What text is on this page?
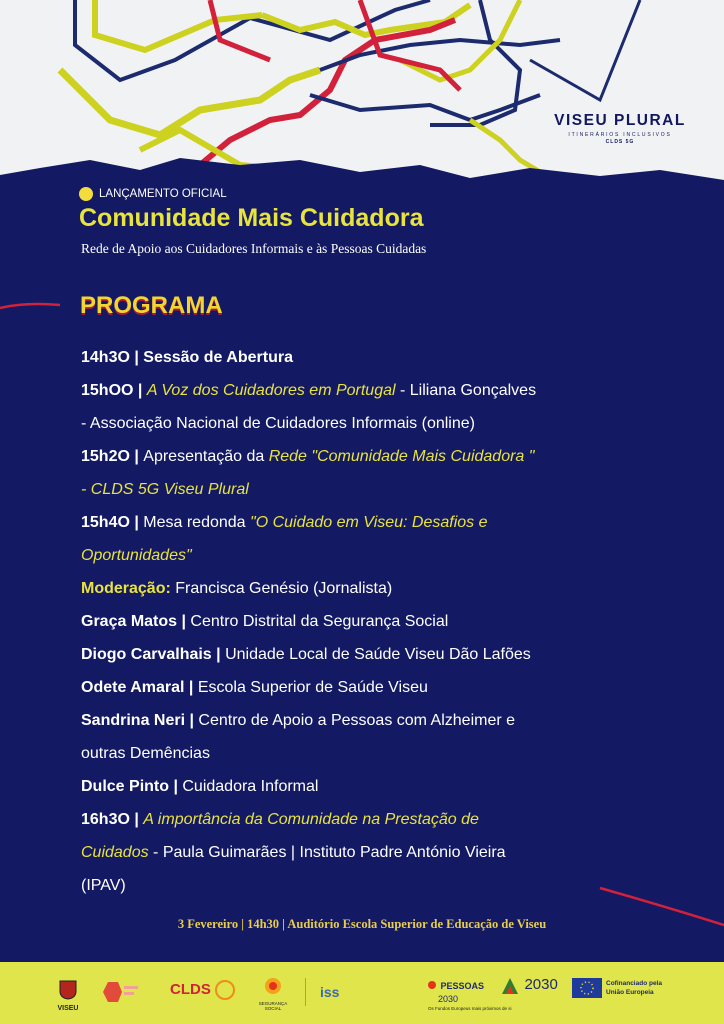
VISEU PLURAL
ITINERÁRIOS INCLUSIVOS
CLDS 5G
LANÇAMENTO OFICIAL
Comunidade Mais Cuidadora
Rede de Apoio aos Cuidadores Informais e às Pessoas Cuidadas
PROGRAMA
14h3O | Sessão de Abertura
15hOO | A Voz dos Cuidadores em Portugal - Liliana Gonçalves
- Associação Nacional de Cuidadores Informais (online)
15h2O | Apresentação da Rede "Comunidade Mais Cuidadora "
- CLDS 5G Viseu Plural
15h4O | Mesa redonda "O Cuidado em Viseu: Desafios e
Oportunidades"
Moderação: Francisca Genésio (Jornalista)
Graça Matos | Centro Distrital da Segurança Social
Diogo Carvalhais | Unidade Local de Saúde Viseu Dão Lafões
Odete Amaral | Escola Superior de Saúde Viseu
Sandrina Neri | Centro de Apoio a Pessoas com Alzheimer e
outras Demências
Dulce Pinto | Cuidadora Informal
16h3O | A importância da Comunidade na Prestação de
Cuidados - Paula Guimarães | Instituto Padre António Vieira
(IPAV)
3 Fevereiro | 14h30 | Auditório Escola Superior de Educação de Viseu
VISEU
CLDS
SEGURANÇA SOCIAL
iss	PESSOAS
2030
2030	Cofinanciado pela
União Europeia
Os Fundos Europeus mais próximos de si
